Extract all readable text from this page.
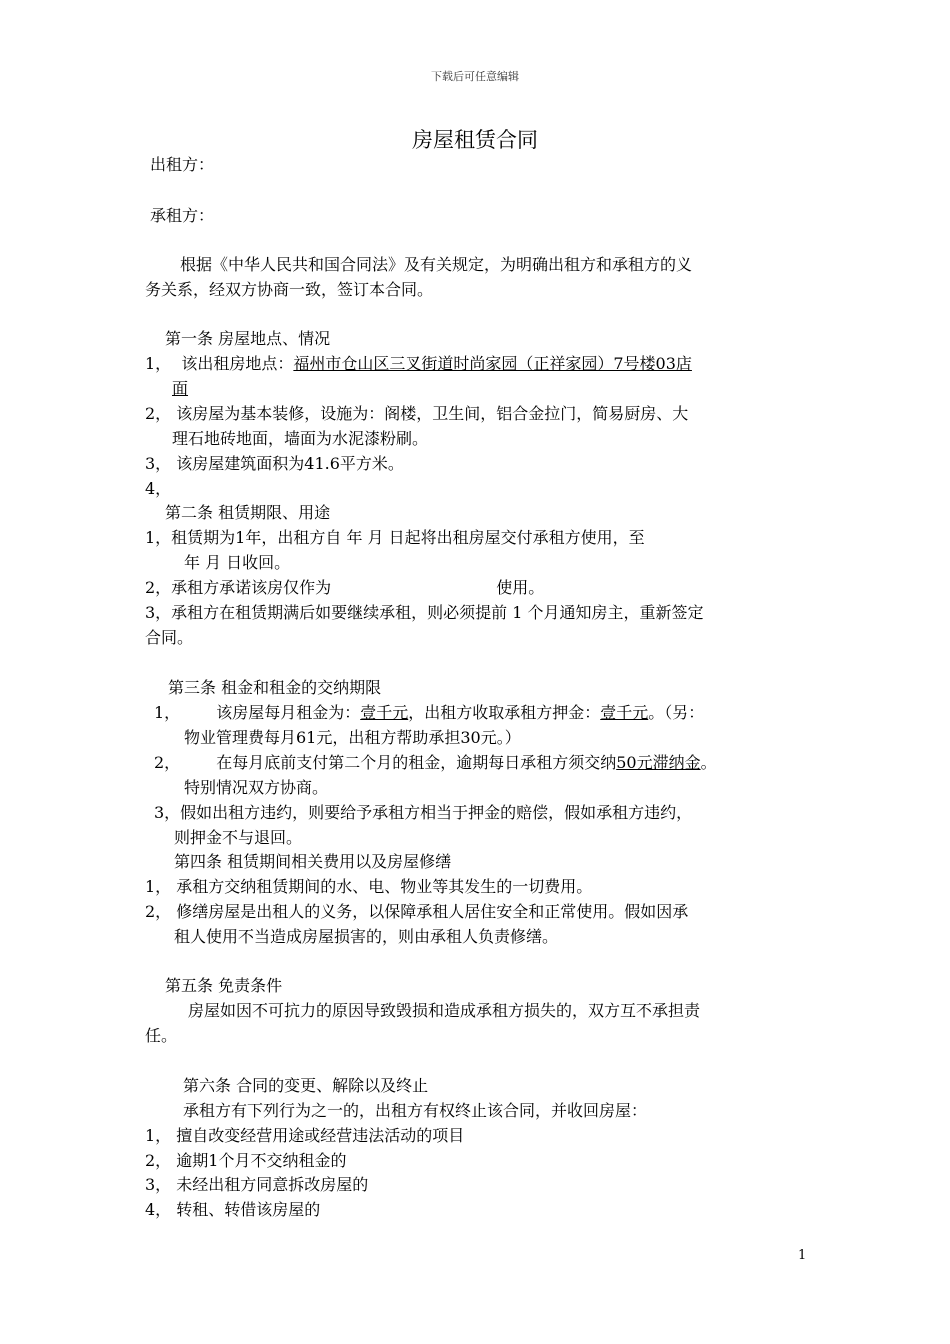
下载后可任意编辑
房屋租赁合同
出租方：
承租方：
根据《中华人民共和国合同法》及有关规定，为明确出租方和承租方的义
务关系，经双方协商一致，签订本合同。
第一条 房屋地点、情况
1， 该出租房地点：福州市仓山区三叉街道时尚家园（正祥家园）7号楼03店
面
2， 该房屋为基本装修，设施为：阁楼，卫生间，铝合金拉门，简易厨房、大
理石地砖地面，墙面为水泥漆粉刷。
3， 该房屋建筑面积为41.6平方米。
4，
第二条 租赁期限、用途
1，租赁期为1年，出租方自 年 月 日起将出租房屋交付承租方使用，至
年 月 日收回。
2，承租方承诺该房仅作为	使用。
3，承租方在租赁期满后如要继续承租，则必须提前 1 个月通知房主，重新签定
合同。
第三条 租金和租金的交纳期限
1， 该房屋每月租金为：壹千元，出租方收取承租方押金：壹千元。（另：
物业管理费每月61元，出租方帮助承担30元。）
2， 在每月底前支付第二个月的租金，逾期每日承租方须交纳50元滞纳金。
特别情况双方协商。
3，假如出租方违约，则要给予承租方相当于押金的赔偿，假如承租方违约，
则押金不与退回。
第四条 租赁期间相关费用以及房屋修缮
1， 承租方交纳租赁期间的水、电、物业等其发生的一切费用。
2， 修缮房屋是出租人的义务，以保障承租人居住安全和正常使用。假如因承
租人使用不当造成房屋损害的，则由承租人负责修缮。
第五条 免责条件
房屋如因不可抗力的原因导致毁损和造成承租方损失的，双方互不承担责
任。
第六条 合同的变更、解除以及终止
承租方有下列行为之一的，出租方有权终止该合同，并收回房屋：
1， 擅自改变经营用途或经营违法活动的项目
2， 逾期1个月不交纳租金的
3， 未经出租方同意拆改房屋的
4， 转租、转借该房屋的
1
